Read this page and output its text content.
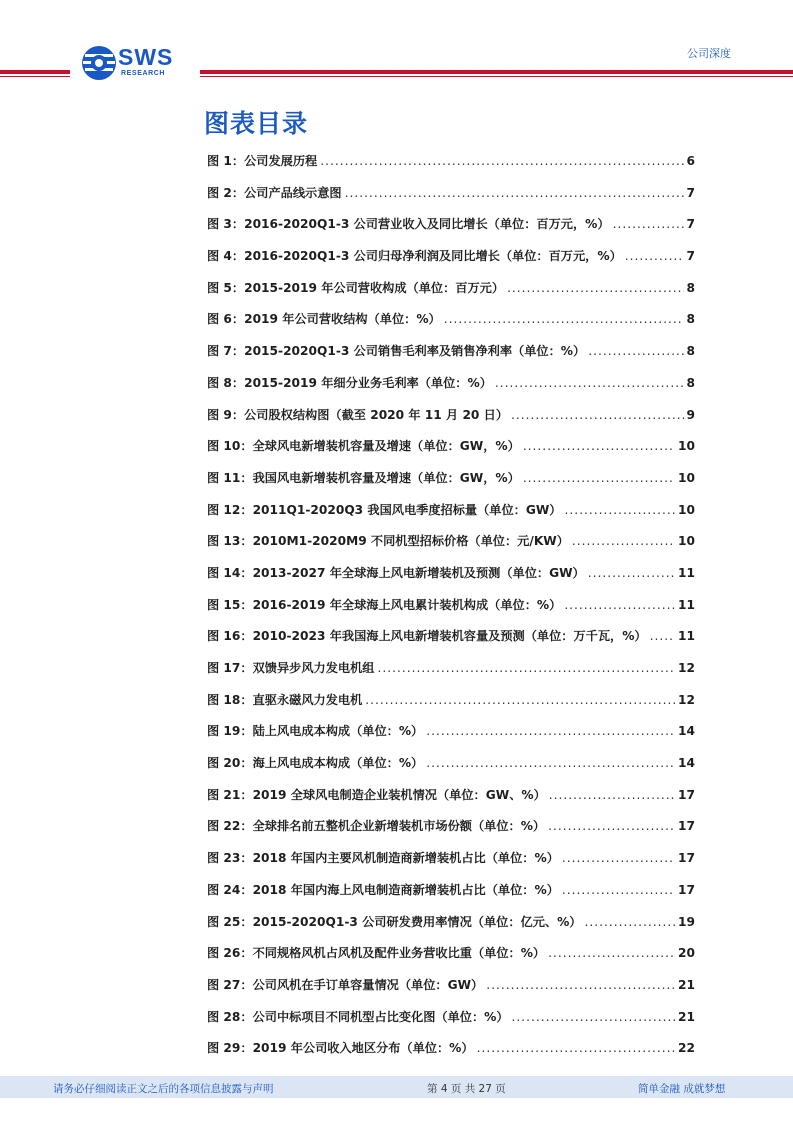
SWS
RESEARCH
公司深度
图表目录
图 1：公司发展历程 .....	6
图 2：公司产品线示意图 .....	7
图 3：2016-2020Q1-3 公司营业收入及同比增长（单位：百万元，%） .....	7
图 4：2016-2020Q1-3 公司归母净利润及同比增长（单位：百万元，%） .....	7
图 5：2015-2019 年公司营收构成（单位：百万元） .....	8
图 6：2019 年公司营收结构（单位：%） .....	8
图 7：2015-2020Q1-3 公司销售毛利率及销售净利率（单位：%） .....	8
图 8：2015-2019 年细分业务毛利率（单位：%） .....	8
图 9：公司股权结构图（截至 2020 年 11 月 20 日） .....	9
图 10：全球风电新增装机容量及增速（单位：GW，%） .....	10
图 11：我国风电新增装机容量及增速（单位：GW，%） .....	10
图 12：2011Q1-2020Q3 我国风电季度招标量（单位：GW） .....	10
图 13：2010M1-2020M9 不同机型招标价格（单位：元/KW） .....	10
图 14：2013-2027 年全球海上风电新增装机及预测（单位：GW） .....	11
图 15：2016-2019 年全球海上风电累计装机构成（单位：%） .....	11
图 16：2010-2023 年我国海上风电新增装机容量及预测（单位：万千瓦，%） .....	11
图 17：双馈异步风力发电机组 .....	12
图 18：直驱永磁风力发电机 .....	12
图 19：陆上风电成本构成（单位：%） .....	14
图 20：海上风电成本构成（单位：%） .....	14
图 21：2019 全球风电制造企业装机情况（单位：GW、%） .....	17
图 22：全球排名前五整机企业新增装机市场份额（单位：%） .....	17
图 23：2018 年国内主要风机制造商新增装机占比（单位：%） .....	17
图 24：2018 年国内海上风电制造商新增装机占比（单位：%） .....	17
图 25：2015-2020Q1-3 公司研发费用率情况（单位：亿元、%） .....	19
图 26：不同规格风机占风机及配件业务营收比重（单位：%） .....	20
图 27：公司风机在手订单容量情况（单位：GW） .....	21
图 28：公司中标项目不同机型占比变化图（单位：%） .....	21
图 29：2019 年公司收入地区分布（单位：%） .....	22
请务必仔细阅读正文之后的各项信息披露与声明	第 4 页 共 27 页	简单金融 成就梦想
